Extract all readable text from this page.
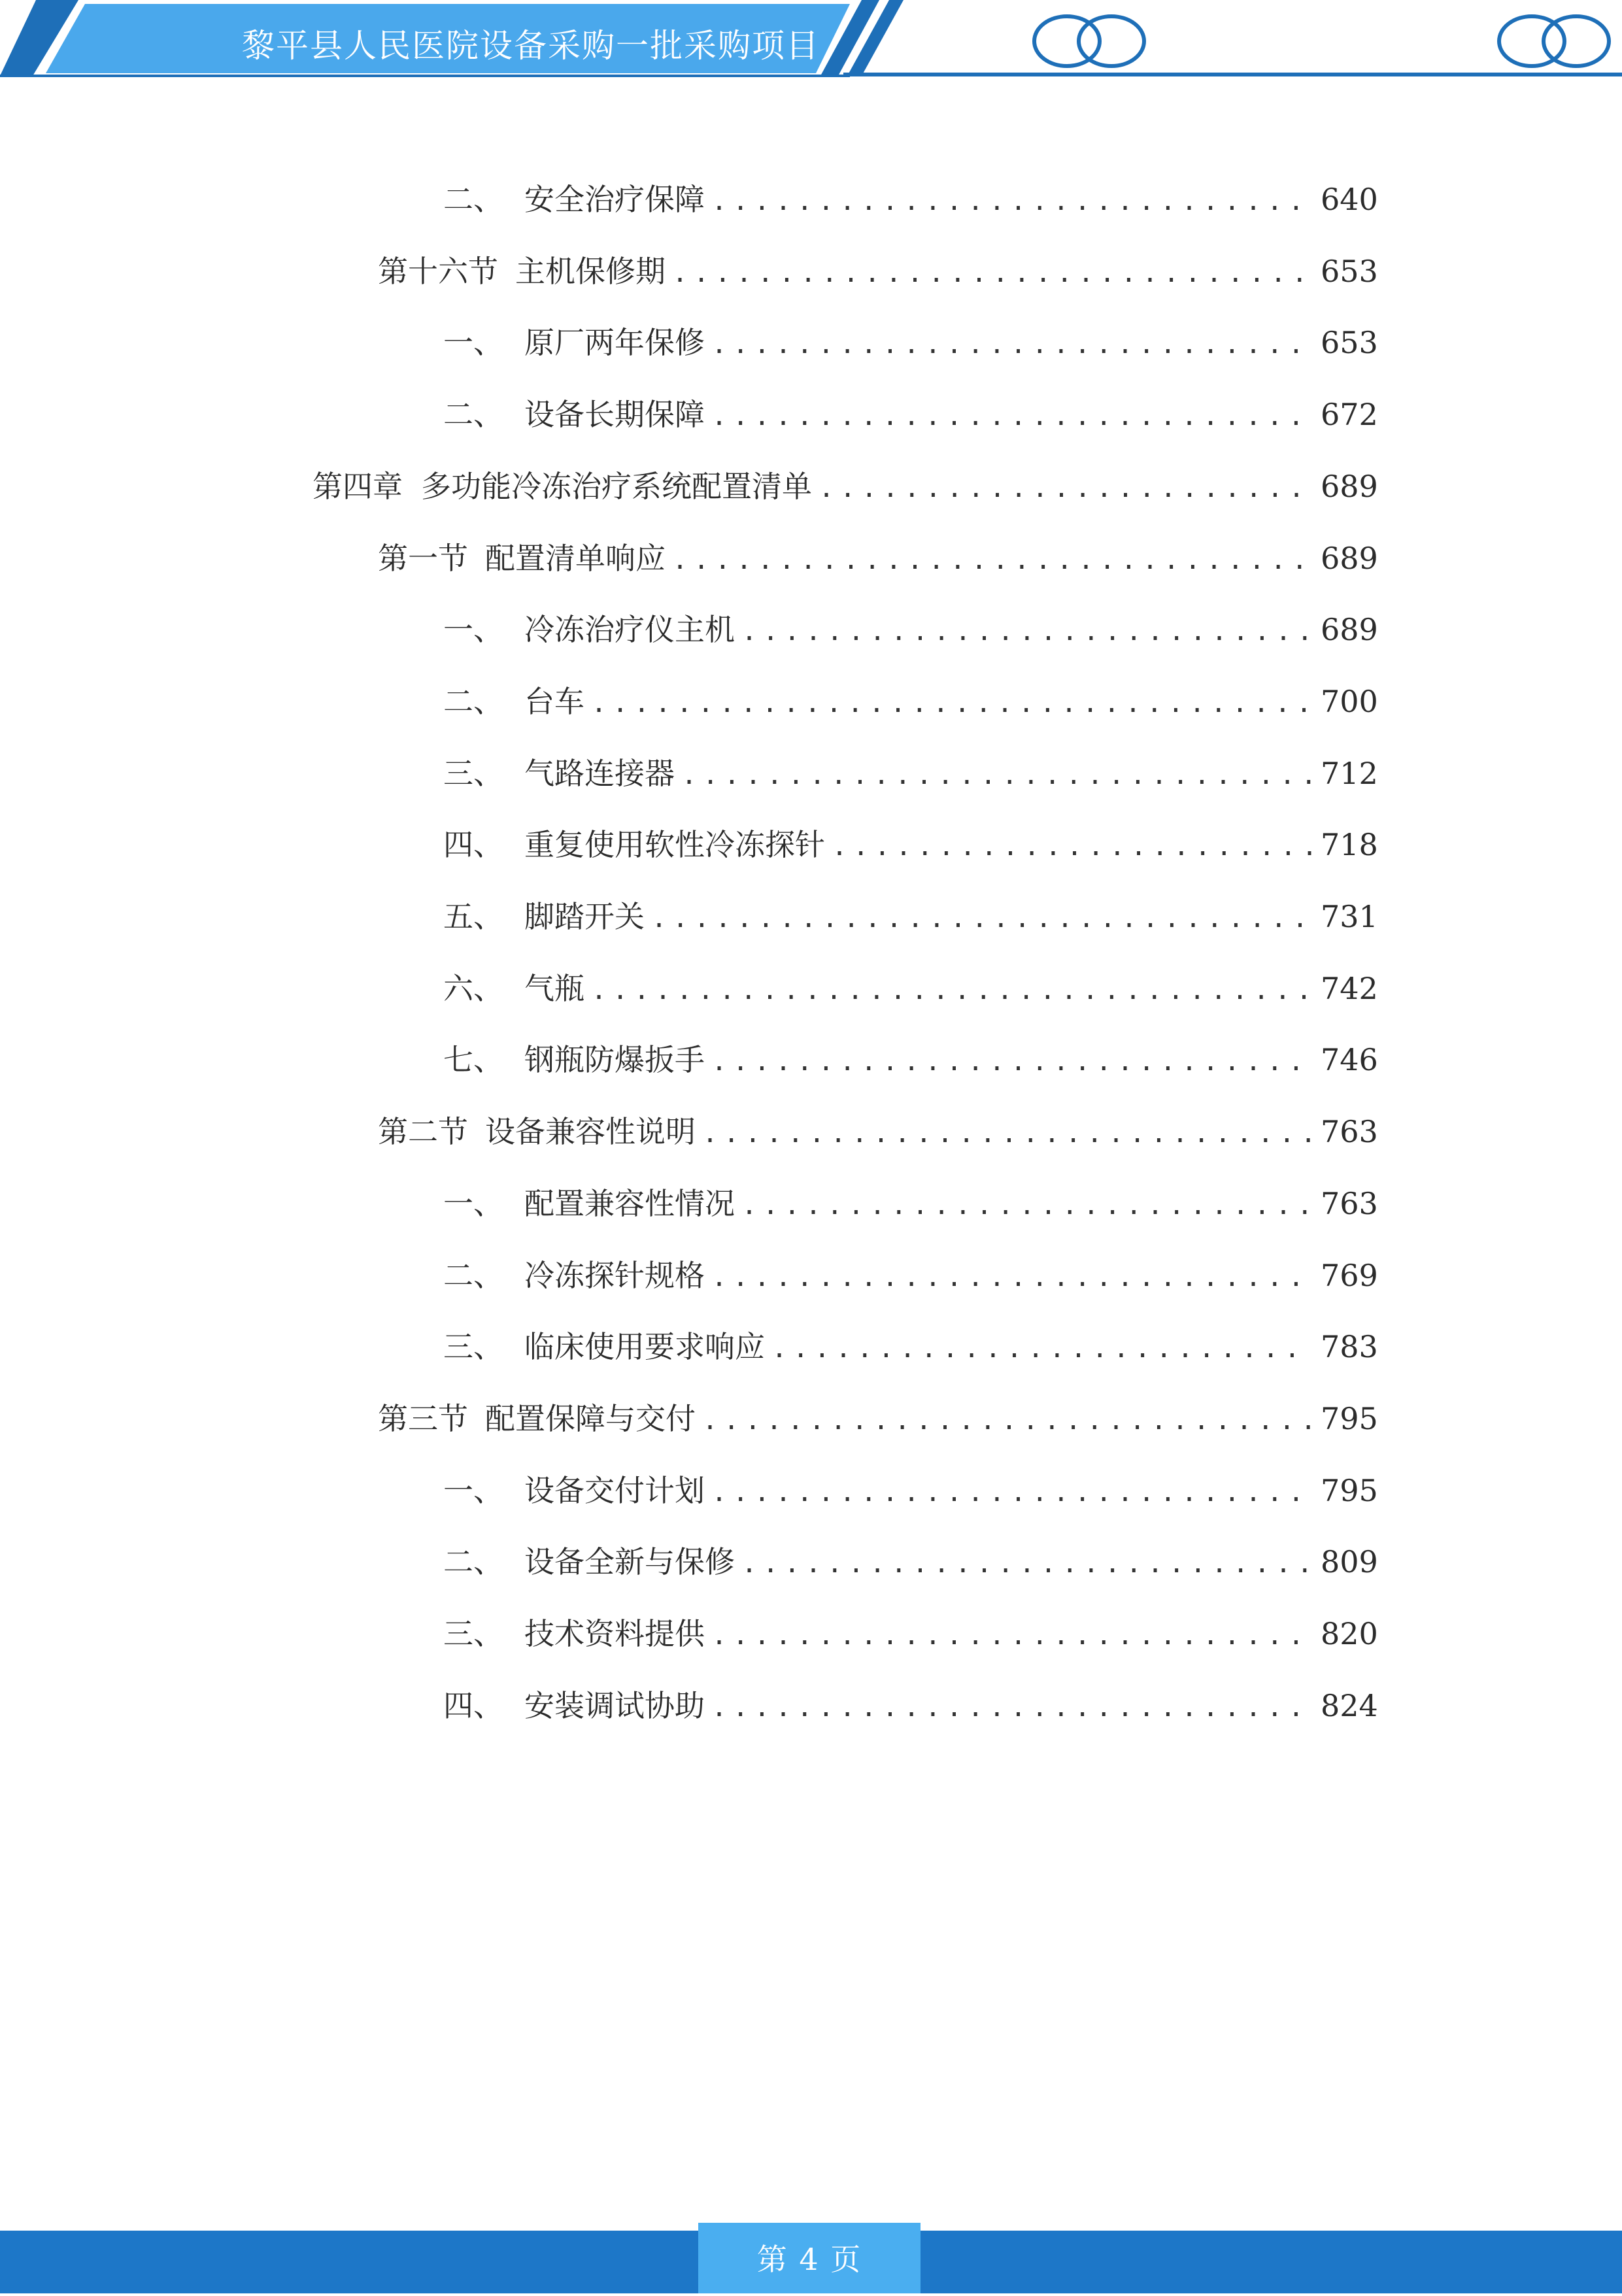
黎平县人民医院设备采购一批采购项目
二、 安全治疗保障 .....	640
第十六节 主机保修期 .....	653
一、 原厂两年保修 .....	653
二、 设备长期保障 .....	672
第四章 多功能冷冻治疗系统配置清单 .....	689
第一节 配置清单响应 .....	689
一、 冷冻治疗仪主机 .....	689
二、 台车 .....	700
三、 气路连接器 .....	712
四、 重复使用软性冷冻探针 .....	718
五、 脚踏开关 .....	731
六、 气瓶 .....	742
七、 钢瓶防爆扳手 .....	746
第二节 设备兼容性说明 .....	763
一、 配置兼容性情况 .....	763
二、 冷冻探针规格 .....	769
三、 临床使用要求响应 .....	783
第三节 配置保障与交付 .....	795
一、 设备交付计划 .....	795
二、 设备全新与保修 .....	809
三、 技术资料提供 .....	820
四、 安装调试协助 .....	824
第 4 页
